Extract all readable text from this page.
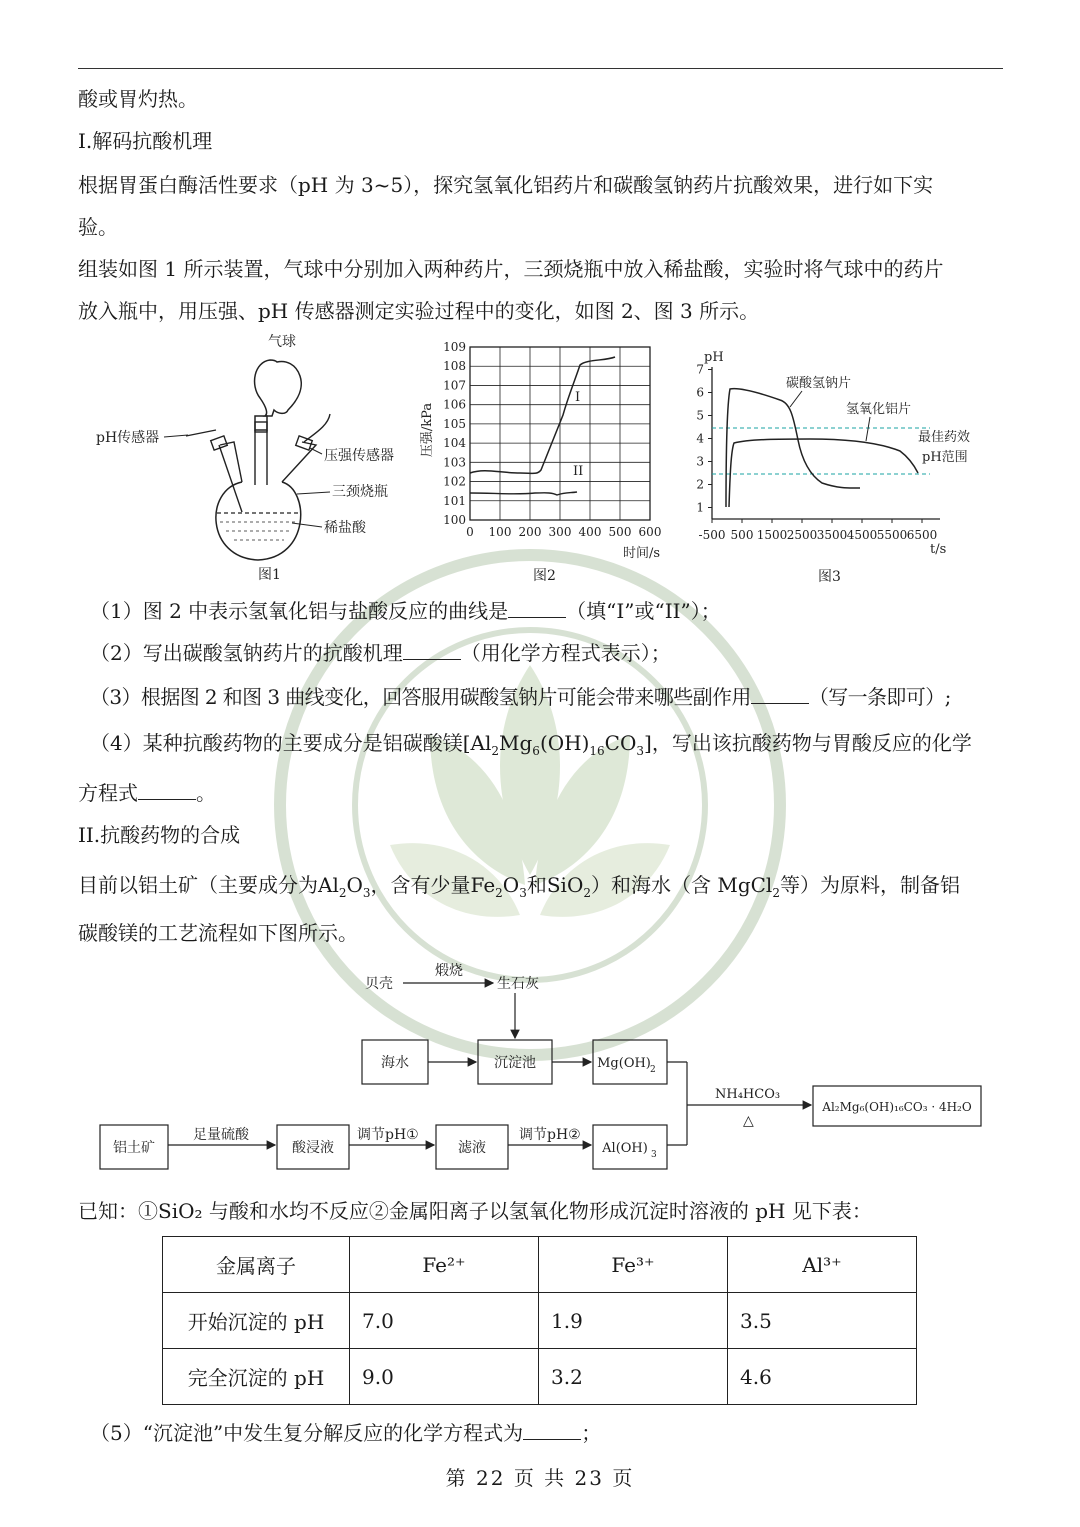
酸或胃灼热。
I.解码抗酸机理
根据胃蛋白酶活性要求（pH 为 3~5），探究氢氧化铝药片和碳酸氢钠药片抗酸效果，进行如下实
验。
组装如图 1 所示装置，气球中分别加入两种药片，三颈烧瓶中放入稀盐酸，实验时将气球中的药片
放入瓶中，用压强、pH 传感器测定实验过程中的变化，如图 2、图 3 所示。
气球
pH传感器
压强传感器
三颈烧瓶
稀盐酸
图1
100
101
102
103
104
105
106
107
108
109
0 100 200 300 400 500 600
I
II
压强/kPa
时间/s
图2
pH
1
2
3
4
5
6
7
-500 500 1500 2500 3500 4500 5500 6500
碳酸氢钠片
氢氧化铝片
最佳药效
pH范围
t/s
图3
（1）图 2 中表示氢氧化铝与盐酸反应的曲线是	（填“I”或“II”）；
（2）写出碳酸氢钠药片的抗酸机理	（用化学方程式表示）；
（3）根据图 2 和图 3 曲线变化，回答服用碳酸氢钠片可能会带来哪些副作用	（写一条即可）;
（4）某种抗酸药物的主要成分是铝碳酸镁$[Al_2Mg_6(OH)_{16}CO_3]$，写出该抗酸药物与胃酸反应的化学
方程式	。
II.抗酸药物的合成
目前以铝土矿（主要成分为$Al_2O_3$，含有少量$Fe_2O_3$和SiO$_2$）和海水（含 MgCl$_2$等）为原料，制备铝
碳酸镁的工艺流程如下图所示。
贝壳
煅烧
生石灰
海水	沉淀池	Mg(OH) 2
铝土矿
足量硫酸
酸浸液
调节pH①
滤液
调节pH②
Al(OH) 3
NH₄HCO₃
△
Al₂Mg₆(OH)₁₆CO₃ · 4H₂O
已知：①SiO₂ 与酸和水均不反应②金属阳离子以氢氧化物形成沉淀时溶液的 pH 见下表：
金属离子	Fe²⁺	Fe³⁺	Al³⁺
开始沉淀的 pH	7.0	1.9	3.5
完全沉淀的 pH	9.0	3.2	4.6
（5）“沉淀池”中发生复分解反应的化学方程式为	；
第 22 页 共 23 页
